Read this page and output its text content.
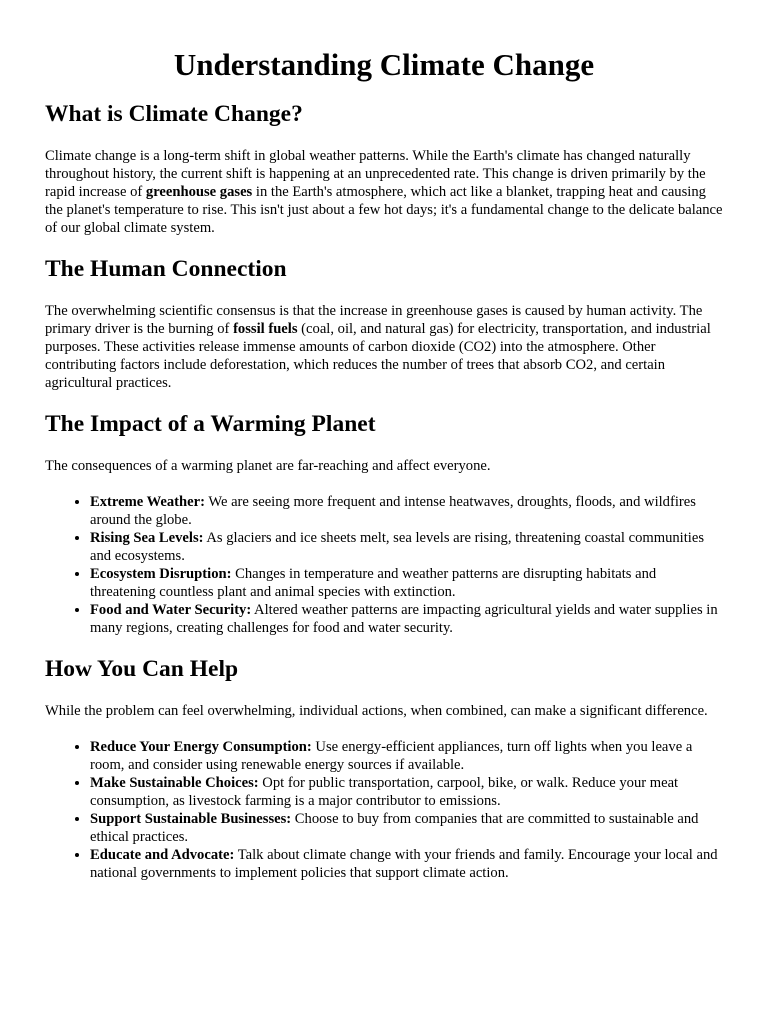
Understanding Climate Change
What is Climate Change?

Climate change is a long-term shift in global weather patterns. While the Earth's climate has changed naturally throughout history, the current shift is happening at an unprecedented rate. This change is driven primarily by the rapid increase of greenhouse gases in the Earth's atmosphere, which act like a blanket, trapping heat and causing the planet's temperature to rise. This isn't just about a few hot days; it's a fundamental change to the delicate balance of our global climate system.

The Human Connection

The overwhelming scientific consensus is that the increase in greenhouse gases is caused by human activity. The primary driver is the burning of fossil fuels (coal, oil, and natural gas) for electricity, transportation, and industrial purposes. These activities release immense amounts of carbon dioxide (CO2) into the atmosphere. Other contributing factors include deforestation, which reduces the number of trees that absorb CO2, and certain agricultural practices.

The Impact of a Warming Planet

The consequences of a warming planet are far-reaching and affect everyone.

• Extreme Weather: We are seeing more frequent and intense heatwaves, droughts, floods, and wildfires around the globe.
• Rising Sea Levels: As glaciers and ice sheets melt, sea levels are rising, threatening coastal communities and ecosystems.
• Ecosystem Disruption: Changes in temperature and weather patterns are disrupting habitats and threatening countless plant and animal species with extinction.
• Food and Water Security: Altered weather patterns are impacting agricultural yields and water supplies in many regions, creating challenges for food and water security.
How You Can Help

While the problem can feel overwhelming, individual actions, when combined, can make a significant difference.

• Reduce Your Energy Consumption: Use energy-efficient appliances, turn off lights when you leave a room, and consider using renewable energy sources if available.
• Make Sustainable Choices: Opt for public transportation, carpool, bike, or walk. Reduce your meat consumption, as livestock farming is a major contributor to emissions.
• Support Sustainable Businesses: Choose to buy from companies that are committed to sustainable and ethical practices.
• Educate and Advocate: Talk about climate change with your friends and family. Encourage your local and national governments to implement policies that support climate action.
